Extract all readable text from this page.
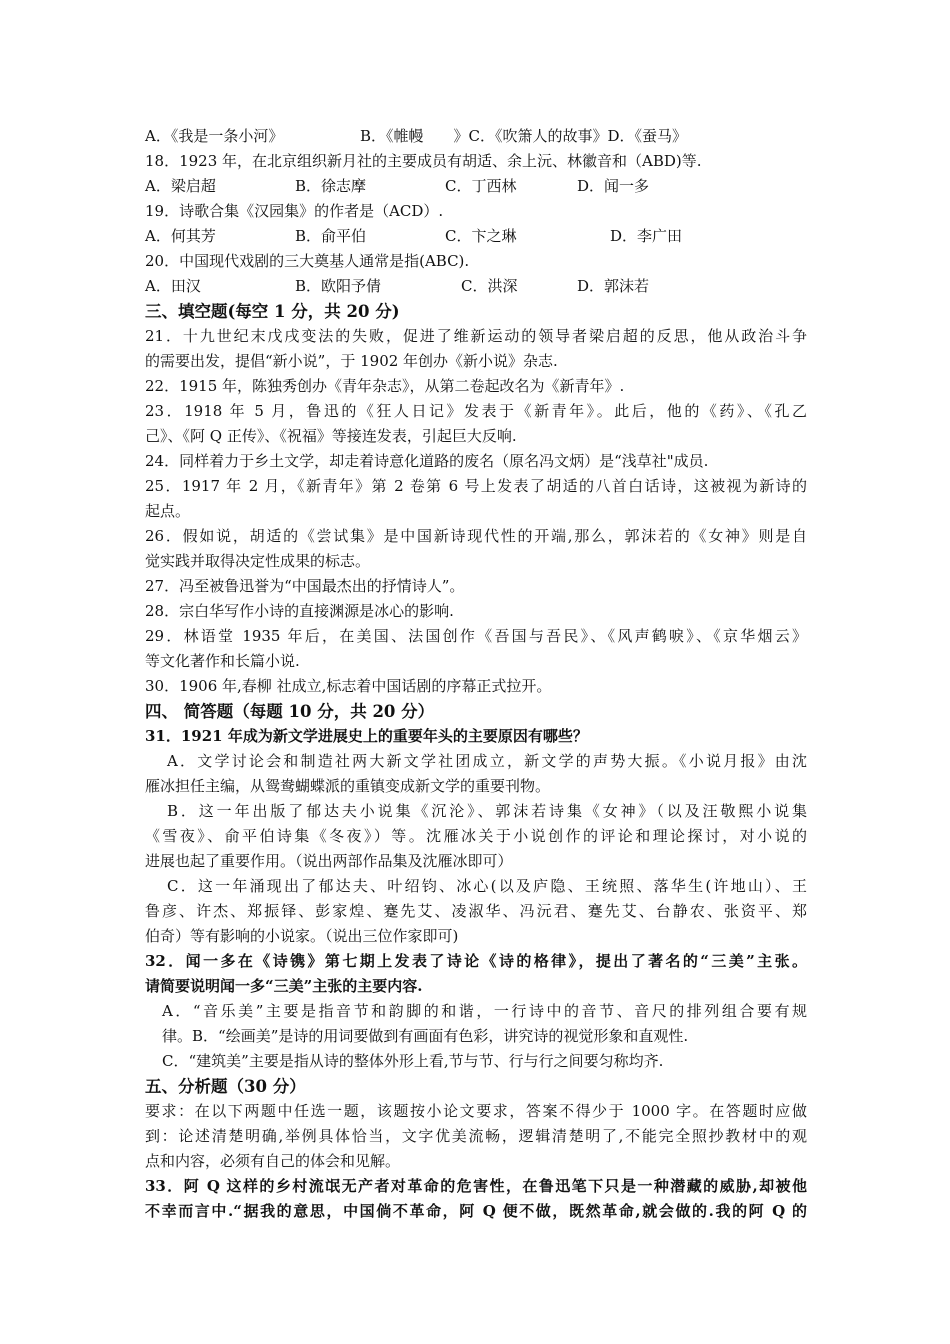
A．《我是一条小河》	B．《帷幔　　》C．《吹箫人的故事》D．《蚕马》
18．1923 年，在北京组织新月社的主要成员有胡适、余上沅、林徽音和（ABD)等.
A．梁启超	B．徐志摩	C．丁西林	D．闻一多
19．诗歌合集《汉园集》的作者是（ACD）.
A．何其芳	B．俞平伯	C．卞之琳	D．李广田
20．中国现代戏剧的三大奠基人通常是指(ABC).
A．田汉	B．欧阳予倩	C．洪深	D．郭沫若
三、填空题(每空 1 分，共 20 分)
21．十九世纪末戊戌变法的失败，促进了维新运动的领导者梁启超的反思，他从政治斗争
的需要出发，提倡“新小说”，于 1902 年创办《新小说》杂志.
22．1915 年，陈独秀创办《青年杂志》，从第二卷起改名为《新青年》.
23．1918 年 5 月，鲁迅的《狂人日记》发表于《新青年》。此后，他的《药》、《孔乙
己》、《阿 Q 正传》、《祝福》等接连发表，引起巨大反响.
24．同样着力于乡土文学，却走着诗意化道路的废名（原名冯文炳）是“浅草社"成员.
25．1917 年 2 月，《新青年》第 2 卷第 6 号上发表了胡适的八首白话诗，这被视为新诗的
起点。
26．假如说，胡适的《尝试集》是中国新诗现代性的开端,那么，郭沫若的《女神》则是自
觉实践并取得决定性成果的标志。
27．冯至被鲁迅誉为“中国最杰出的抒情诗人”。
28．宗白华写作小诗的直接渊源是冰心的影响.
29．林语堂 1935 年后，在美国、法国创作《吾国与吾民》、《风声鹤唳》、《京华烟云》
等文化著作和长篇小说.
30．1906 年,春柳 社成立,标志着中国话剧的序幕正式拉开。
四、 简答题（每题 10 分，共 20 分）
31．1921 年成为新文学进展史上的重要年头的主要原因有哪些？
A．文学讨论会和制造社两大新文学社团成立，新文学的声势大振。《小说月报》由沈
雁冰担任主编，从鸳鸯蝴蝶派的重镇变成新文学的重要刊物。
B．这一年出版了郁达夫小说集《沉沦》、郭沫若诗集《女神》（以及汪敬熙小说集
《雪夜》、俞平伯诗集《冬夜》）等。沈雁冰关于小说创作的评论和理论探讨，对小说的
进展也起了重要作用。（说出两部作品集及沈雁冰即可）
C．这一年涌现出了郁达夫、叶绍钧、冰心(以及庐隐、王统照、落华生(许地山）、王
鲁彦、许杰、郑振铎、彭家煌、蹇先艾、凌淑华、冯沅君、蹇先艾、台静农、张资平、郑
伯奇）等有影响的小说家。（说出三位作家即可)
32．闻一多在《诗镌》第七期上发表了诗论《诗的格律》，提出了著名的“三美”主张。
请简要说明闻一多“三美”主张的主要内容.
A．“音乐美”主要是指音节和韵脚的和谐，一行诗中的音节、音尺的排列组合要有规
律。B．“绘画美”是诗的用词要做到有画面有色彩，讲究诗的视觉形象和直观性.
C．“建筑美”主要是指从诗的整体外形上看,节与节、行与行之间要匀称均齐.
五、分析题（30 分）
要求：在以下两题中任选一题，该题按小论文要求，答案不得少于 1000 字。在答题时应做
到：论述清楚明确,举例具体恰当，文字优美流畅，逻辑清楚明了,不能完全照抄教材中的观
点和内容，必须有自己的体会和见解。
33．阿 Q 这样的乡村流氓无产者对革命的危害性，在鲁迅笔下只是一种潜藏的威胁,却被他
不幸而言中.“据我的意思，中国倘不革命，阿 Q 便不做，既然革命,就会做的.我的阿 Q 的
